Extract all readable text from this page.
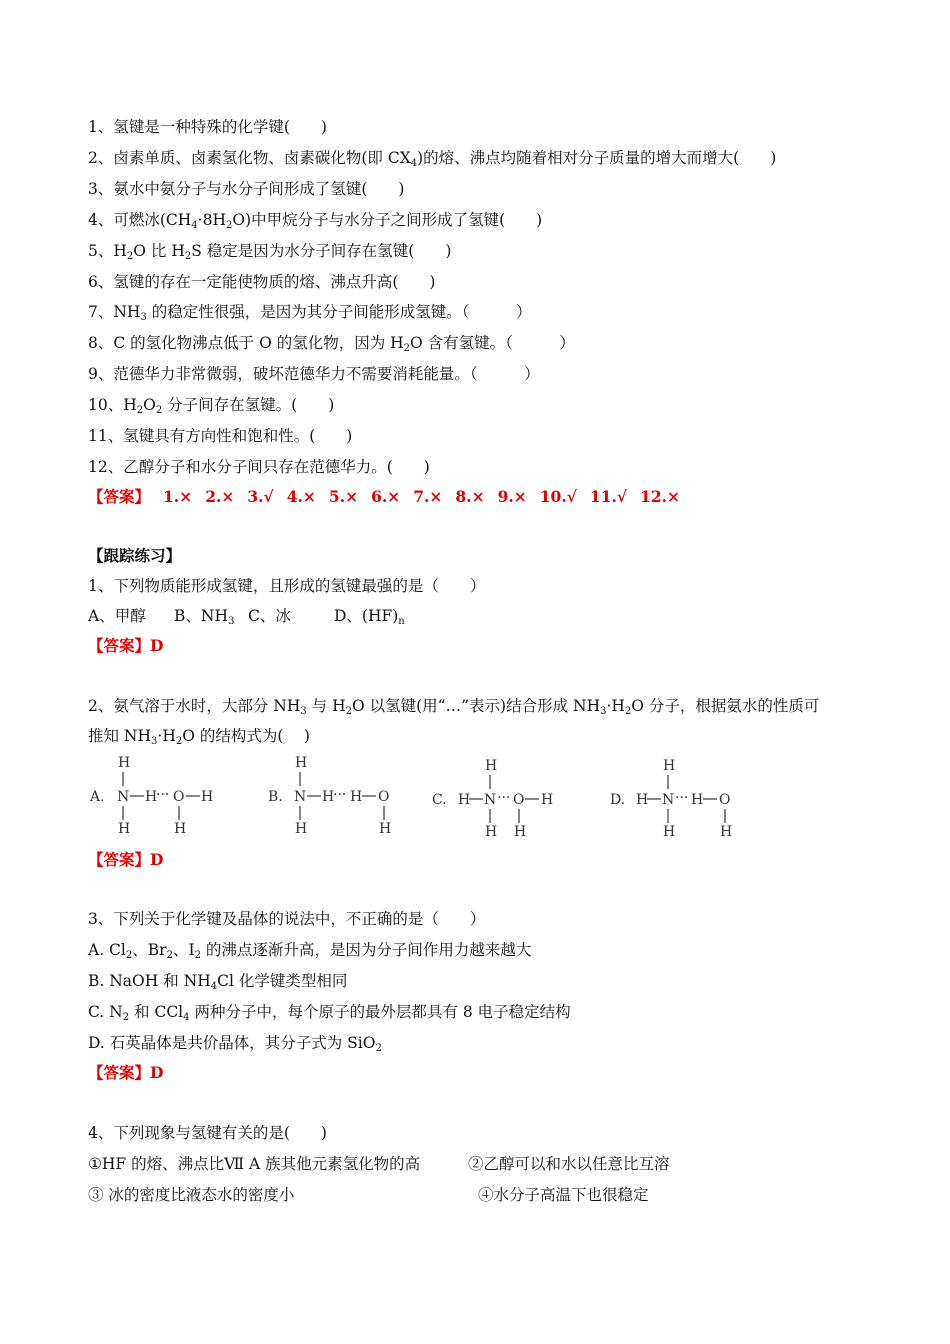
1、氢键是一种特殊的化学键(　　)
2、卤素单质、卤素氢化物、卤素碳化物(即 $CX_4$)的熔、沸点均随着相对分子质量的增大而增大(　　)
3、氨水中氨分子与水分子间形成了氢键(　　)
4、可燃冰$(CH_4\cdot 8H_2O)$中甲烷分子与水分子之间形成了氢键(　　)
5、$H_2O$ 比 $H_2S$ 稳定是因为水分子间存在氢键(　　)
6、氢键的存在一定能使物质的熔、沸点升高(　　)
7、$NH_3$ 的稳定性很强，是因为其分子间能形成氢键。（　　　）
8、C 的氢化物沸点低于 O 的氢化物，因为 $H_2O$ 含有氢键。（　　　）
9、范德华力非常微弱，破坏范德华力不需要消耗能量。（　　　）
10、$H_2O_2$ 分子间存在氢键。(　　)
11、氢键具有方向性和饱和性。(　　)
12、乙醇分子和水分子间只存在范德华力。(　　)
【答案】 1.× 2.× 3.√ 4.× 5.× 6.× 7.× 8.× 9.× 10.√ 11.√ 12.×
【跟踪练习】
1、下列物质能形成氢键，且形成的氢键最强的是（　　）
A、甲醇 B、$NH_3$ C、冰	D、$(HF)_n$
【答案】D
2、氨气溶于水时，大部分 $NH_3$ 与 $H_2O$ 以氢键(用“…”表示)结合形成 $NH_3\cdot H_2O$ 分子，根据氨水的性质可
推知 $NH_3\cdot H_2O$ 的结构式为(　 )
A.
H
N H
··· O H
H	H
B.
H
N H
··· H O
H	H
C. H N ··· O H
H
H H
D. H N ··· H O
H
H	H
【答案】D
3、下列关于化学键及晶体的说法中，不正确的是（　　）
A. $Cl_2$、$Br_2$、$I_2$ 的沸点逐渐升高，是因为分子间作用力越来越大
B. NaOH 和 $NH_4Cl$ 化学键类型相同
C. $N_2$ 和 CCl$_4$ 两种分子中，每个原子的最外层都具有 8 电子稳定结构
D. 石英晶体是共价晶体，其分子式为 SiO$_2$
【答案】D
4、下列现象与氢键有关的是(　　)
①HF 的熔、沸点比Ⅶ A 族其他元素氢化物的高	②乙醇可以和水以任意比互溶
③ 冰的密度比液态水的密度小	④水分子高温下也很稳定
